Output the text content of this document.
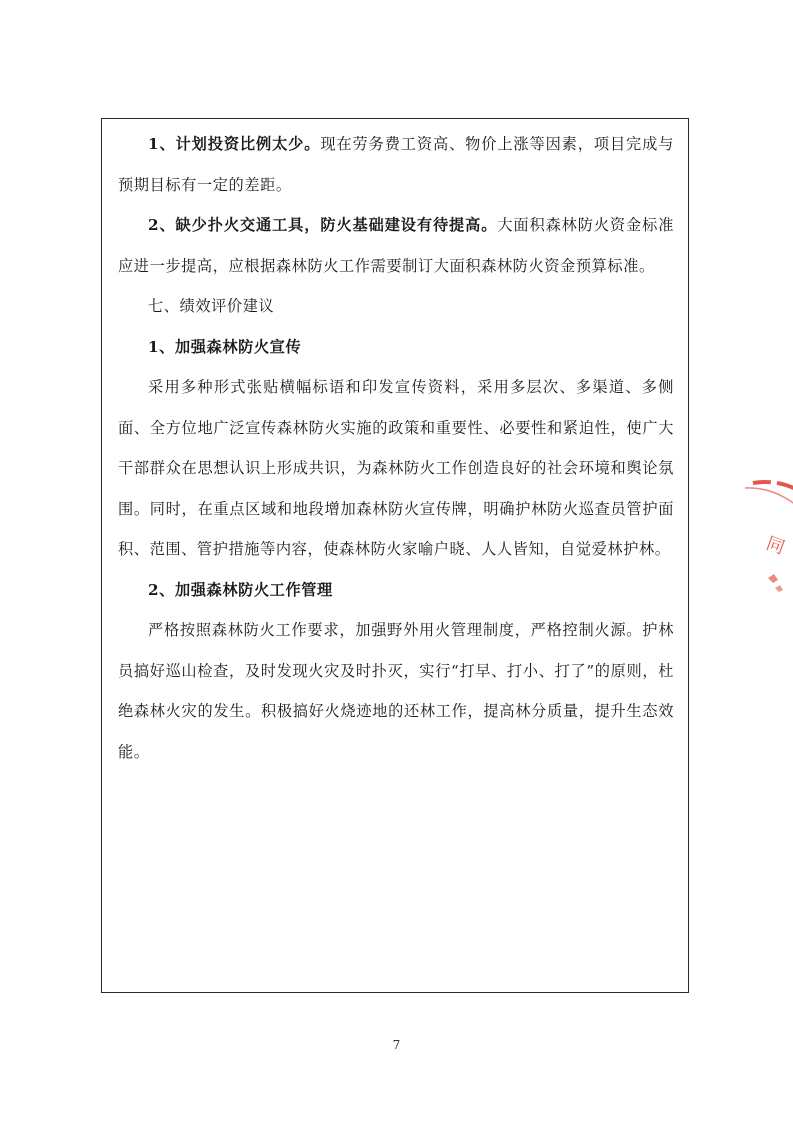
1、计划投资比例太少。现在劳务费工资高、物价上涨等因素，项目完成与预期目标有一定的差距。

2、缺少扑火交通工具，防火基础建设有待提高。大面积森林防火资金标准应进一步提高，应根据森林防火工作需要制订大面积森林防火资金预算标准。

七、绩效评价建议

1、加强森林防火宣传

采用多种形式张贴横幅标语和印发宣传资料，采用多层次、多渠道、多侧面、全方位地广泛宣传森林防火实施的政策和重要性、必要性和紧迫性，使广大干部群众在思想认识上形成共识，为森林防火工作创造良好的社会环境和舆论氛围。同时，在重点区域和地段增加森林防火宣传牌，明确护林防火巡查员管护面积、范围、管护措施等内容，使森林防火家喻户晓、人人皆知，自觉爱林护林。

2、加强森林防火工作管理

严格按照森林防火工作要求，加强野外用火管理制度，严格控制火源。护林员搞好巡山检查，及时发现火灾及时扑灭，实行“打早、打小、打了”的原则，杜绝森林火灾的发生。积极搞好火烧迹地的还林工作，提高林分质量，提升生态效能。

同
7
